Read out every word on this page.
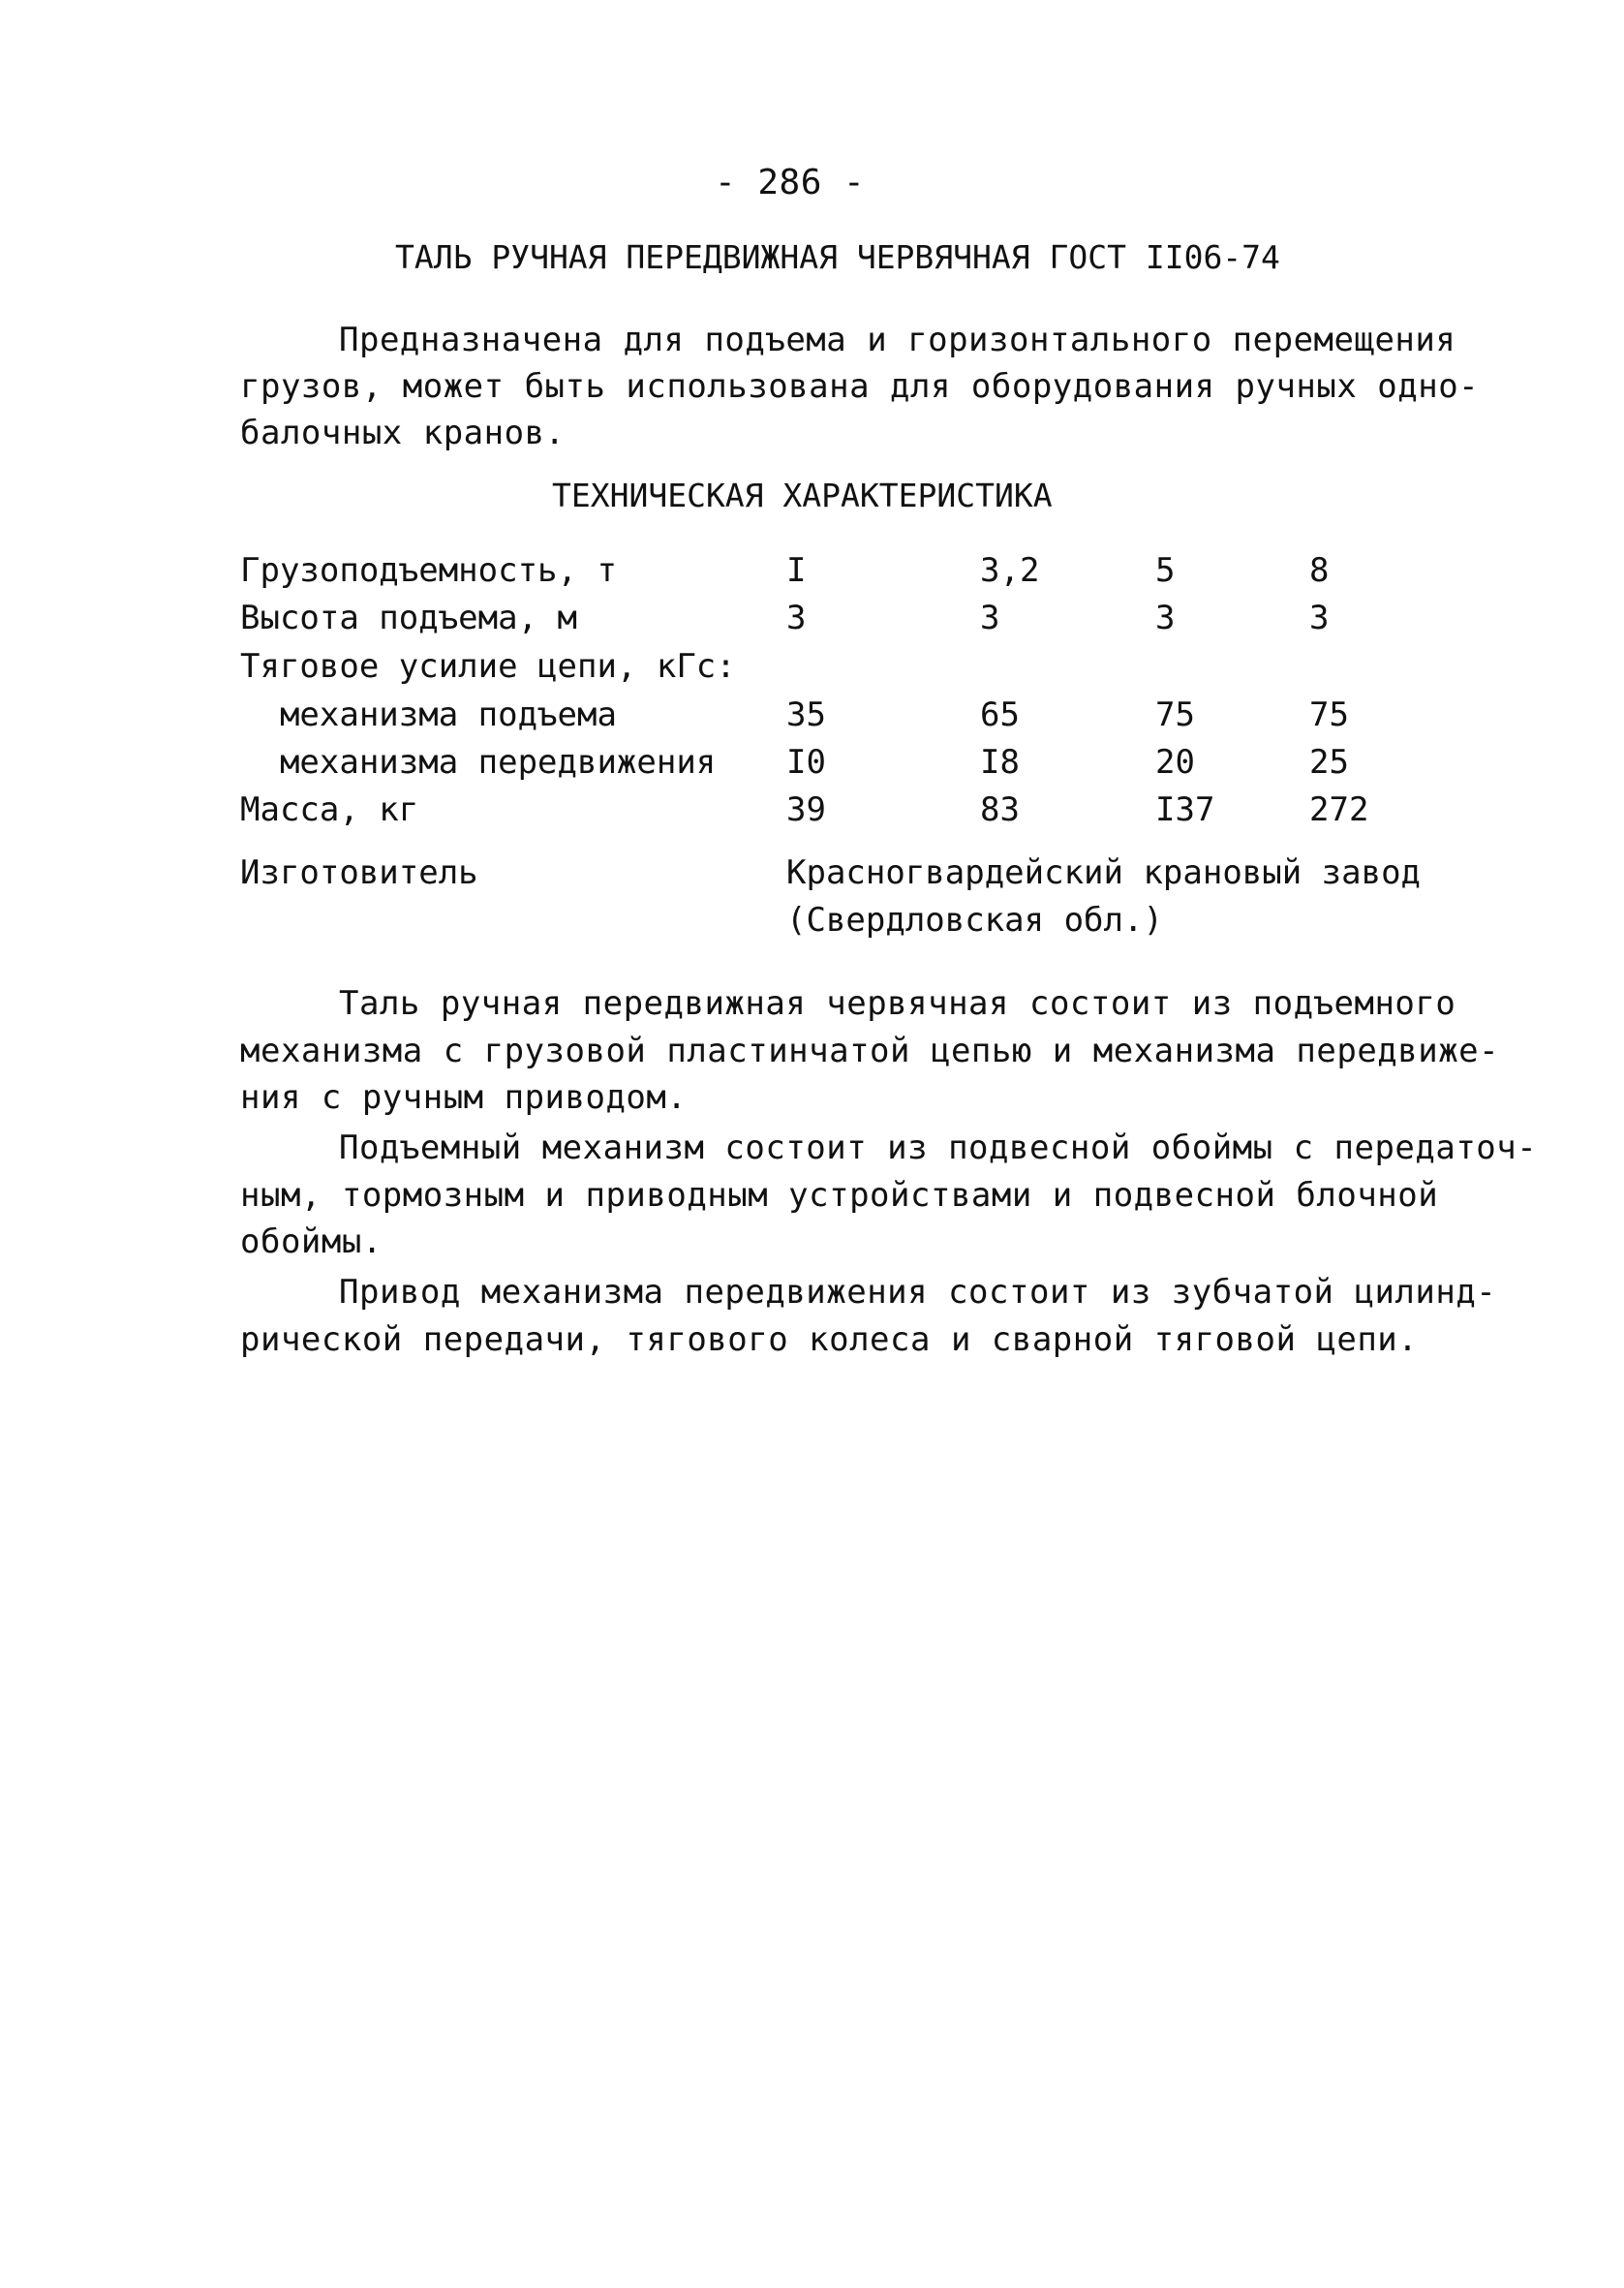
- 286 -
ТАЛЬ РУЧНАЯ ПЕРЕДВИЖНАЯ ЧЕРВЯЧНАЯ ГОСТ II06-74
Предназначена для подъема и горизонтального перемещения
грузов, может быть использована для оборудования ручных одно-
балочных кранов.
ТЕХНИЧЕСКАЯ ХАРАКТЕРИСТИКА
Грузоподъемность, т	I	3,2	5	8
Высота подъема, м	3	3	3	3
Тяговое усилие цепи, кГс:
механизма подъема	35	65	75	75
механизма передвижения I0	I8	20	25
Масса, кг	39	83	I37	272
Изготовитель	Красногвардейский крановый завод
(Свердловская обл.)
Таль ручная передвижная червячная состоит из подъемного
механизма с грузовой пластинчатой цепью и механизма передвиже-
ния с ручным приводом.
Подъемный механизм состоит из подвесной обоймы с передаточ-
ным, тормозным и приводным устройствами и подвесной блочной
обоймы.
Привод механизма передвижения состоит из зубчатой цилинд-
рической передачи, тягового колеса и сварной тяговой цепи.
